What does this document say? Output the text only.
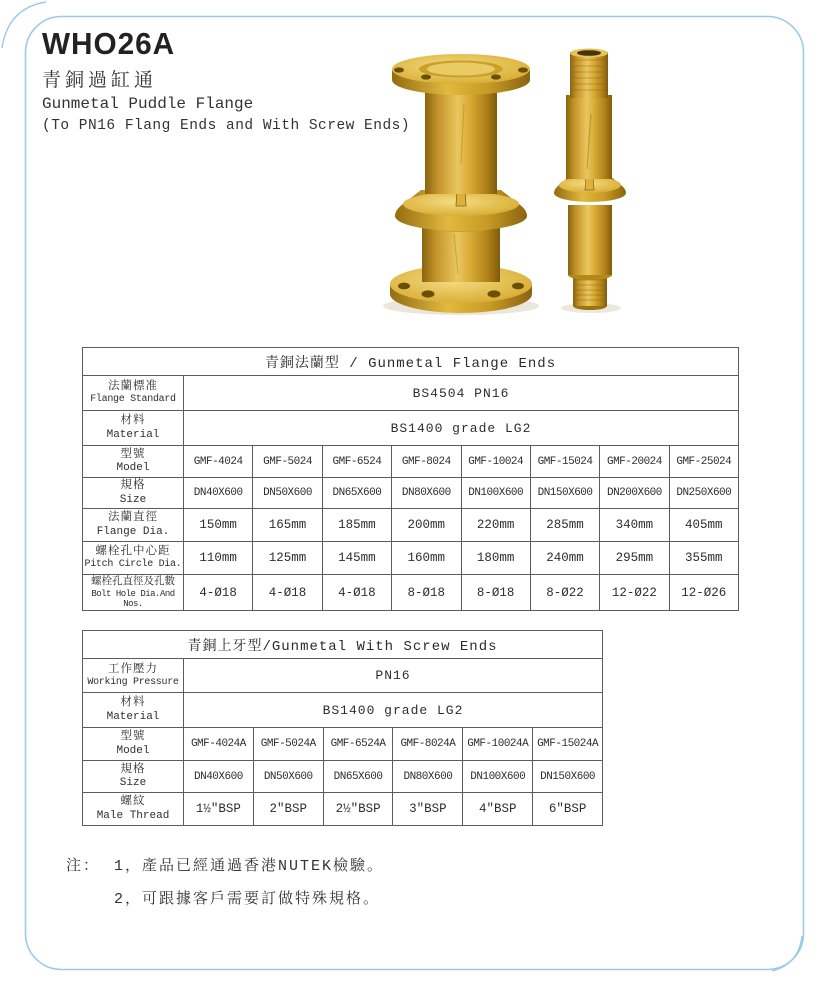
WHO26A
青銅過缸通
Gunmetal Puddle Flange
(To PN16 Flang Ends and With Screw Ends)
青銅法蘭型 / Gunmetal Flange Ends								

法蘭標准
Flange Standard	BS4504 PN16							

材料
Material	BS1400 grade LG2							

型號
Model	GMF-4024	GMF-5024	GMF-6524	GMF-8024	GMF-10024	GMF-15024	GMF-20024	GMF-25024

規格
Size	DN40X600	DN50X600	DN65X600	DN80X600	DN100X600	DN150X600	DN200X600	DN250X600

法蘭直徑
Flange Dia.	150mm	165mm	185mm	200mm	220mm	285mm	340mm	405mm

螺栓孔中心距
Pitch Circle Dia.	110mm	125mm	145mm	160mm	180mm	240mm	295mm	355mm

螺栓孔直徑及孔數
Bolt Hole Dia.And Nos.	4-Ø18	4-Ø18	4-Ø18	8-Ø18	8-Ø18	8-Ø22	12-Ø22	12-Ø26
青銅上牙型/Gunmetal With Screw Ends						

工作壓力
Working Pressure	PN16					

材料
Material	BS1400 grade LG2					

型號
Model	GMF-4024A	GMF-5024A	GMF-6524A	GMF-8024A	GMF-10024A	GMF-15024A

規格
Size	DN40X600	DN50X600	DN65X600	DN80X600	DN100X600	DN150X600

螺紋
Male Thread	1½″BSP	2″BSP	2½″BSP	3″BSP	4″BSP	6″BSP
注： 1，產品已經通過香港NUTEK檢驗。
2，可跟據客戶需要訂做特殊規格。
